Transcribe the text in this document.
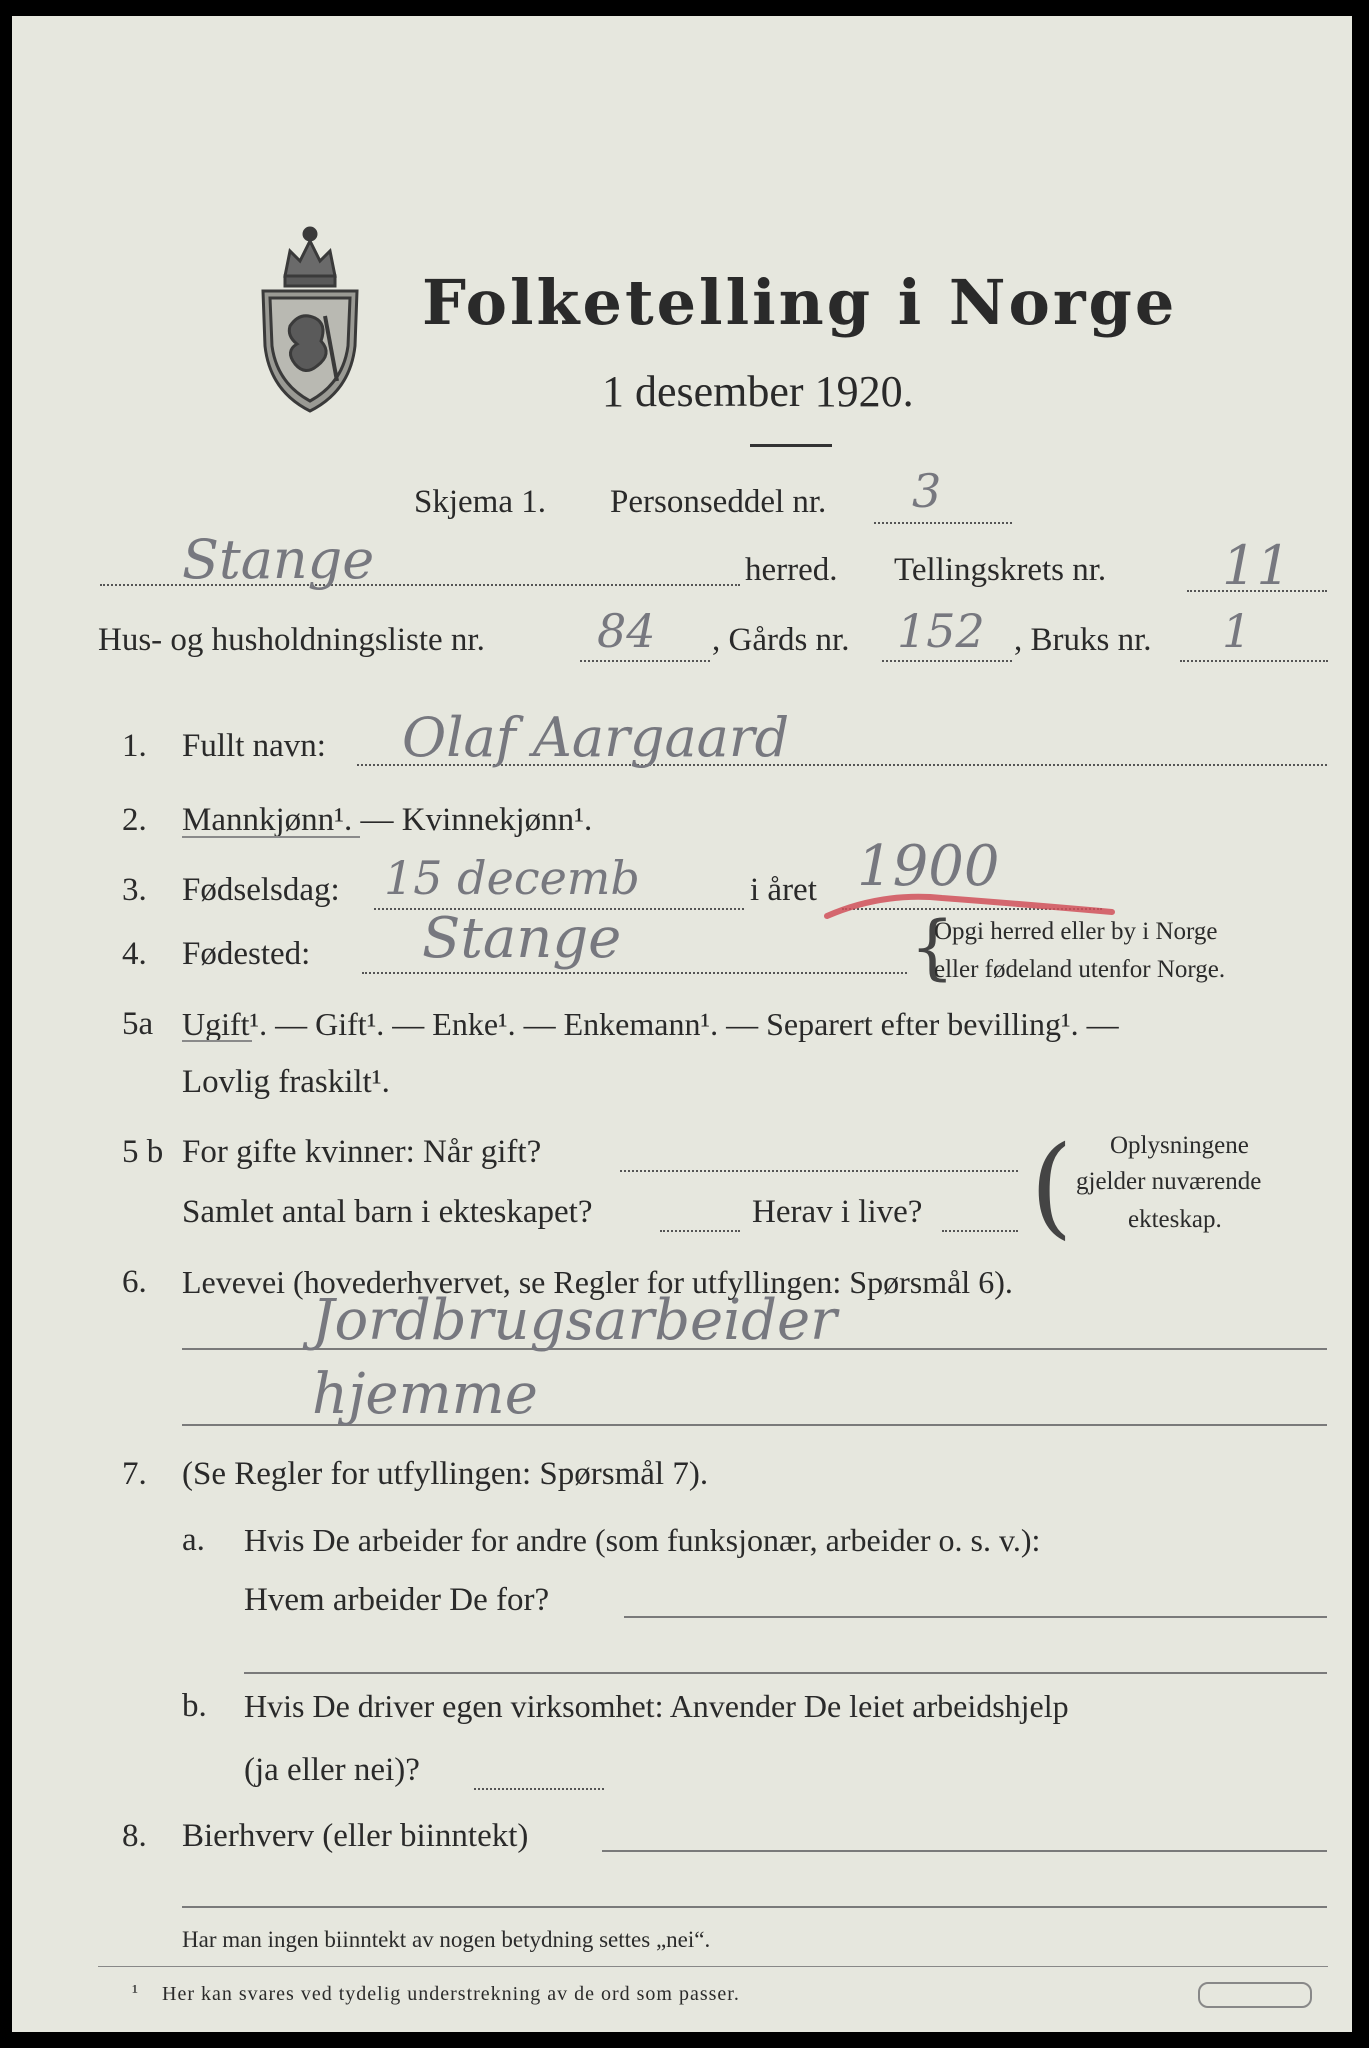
Folketelling i Norge
1 desember 1920.
Skjema 1. Personseddel nr. 3
Stange	herred. Tellingskrets nr. 11
Hus- og husholdningsliste nr. 84 , Gårds nr. 152 , Bruks nr. 1
1. Fullt navn: Olaf Aargaard
2. Mannkjønn¹. — Kvinnekjønn¹.
3. Fødselsdag: 15 decemb	i året 1900
4. Fødested: Stange	{
Opgi herred eller by i Norge
eller fødeland utenfor Norge.
5a Ugift¹. — Gift¹. — Enke¹. — Enkemann¹. — Separert efter bevilling¹. —
Lovlig fraskilt¹.
5 b For gifte kvinner: Når gift?
Samlet antal barn i ekteskapet?	Herav i live? ( Oplysningene
gjelder nuværende
ekteskap.
6. Levevei (hovederhvervet, se Regler for utfyllingen: Spørsmål 6).
Jordbrugsarbeider
hjemme
7. (Se Regler for utfyllingen: Spørsmål 7).
a. Hvis De arbeider for andre (som funksjonær, arbeider o. s. v.):
Hvem arbeider De for?
b. Hvis De driver egen virksomhet: Anvender De leiet arbeidshjelp
(ja eller nei)?
8. Bierhverv (eller biinntekt)
Har man ingen biinntekt av nogen betydning settes „nei“.
¹ Her kan svares ved tydelig understrekning av de ord som passer.
